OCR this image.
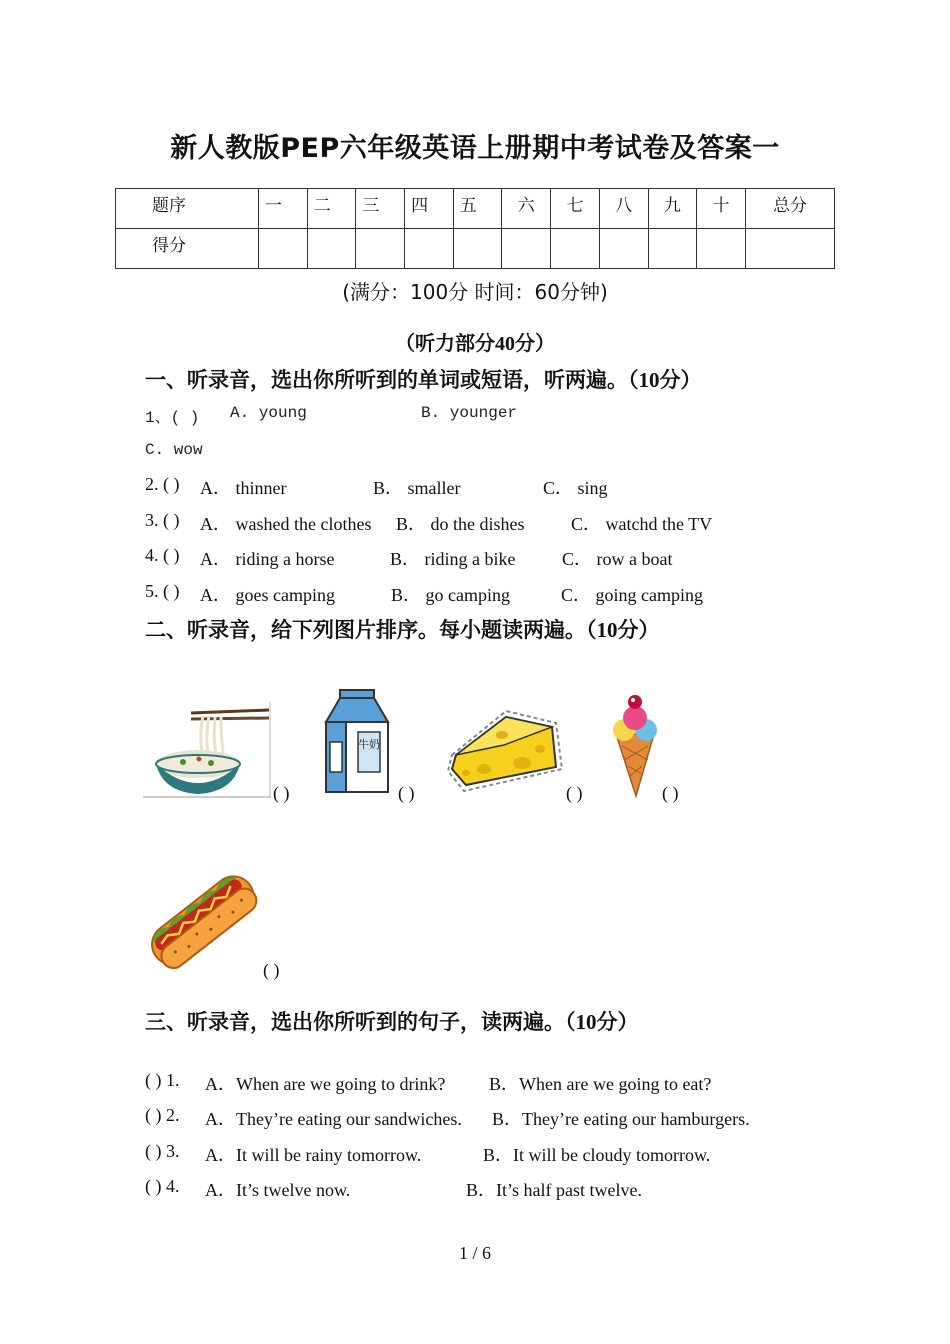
新人教版PEP六年级英语上册期中考试卷及答案一
题序	一	二	三	四	五	六	七	八	九	十	总分
得分											
(满分：100分 时间：60分钟)
（听力部分40分）
一、听录音，选出你所听到的单词或短语，听两遍。（10分）
1、( ) A. young	B. younger
C. wow
2. ( ) A． thinner	B． smaller	C． sing
3. ( ) A． washed the clothes B． do the dishes	C． watchd the TV
4. ( ) A． riding a horse	B． riding a bike	C． row a boat
5. ( ) A． goes camping	B． go camping	C． going camping
二、听录音，给下列图片排序。每小题读两遍。（10分）
( )
牛奶
( )	( )	( )
( )
三、听录音，选出你所听到的句子，读两遍。（10分）
( ) 1. A．When are we going to drink? B．When are we going to eat?
( ) 2. A．They’re eating our sandwiches. B．They’re eating our hamburgers.
( ) 3. A．It will be rainy tomorrow.	B．It will be cloudy tomorrow.
( ) 4. A．It’s twelve now.	B．It’s half past twelve.
1 / 6
